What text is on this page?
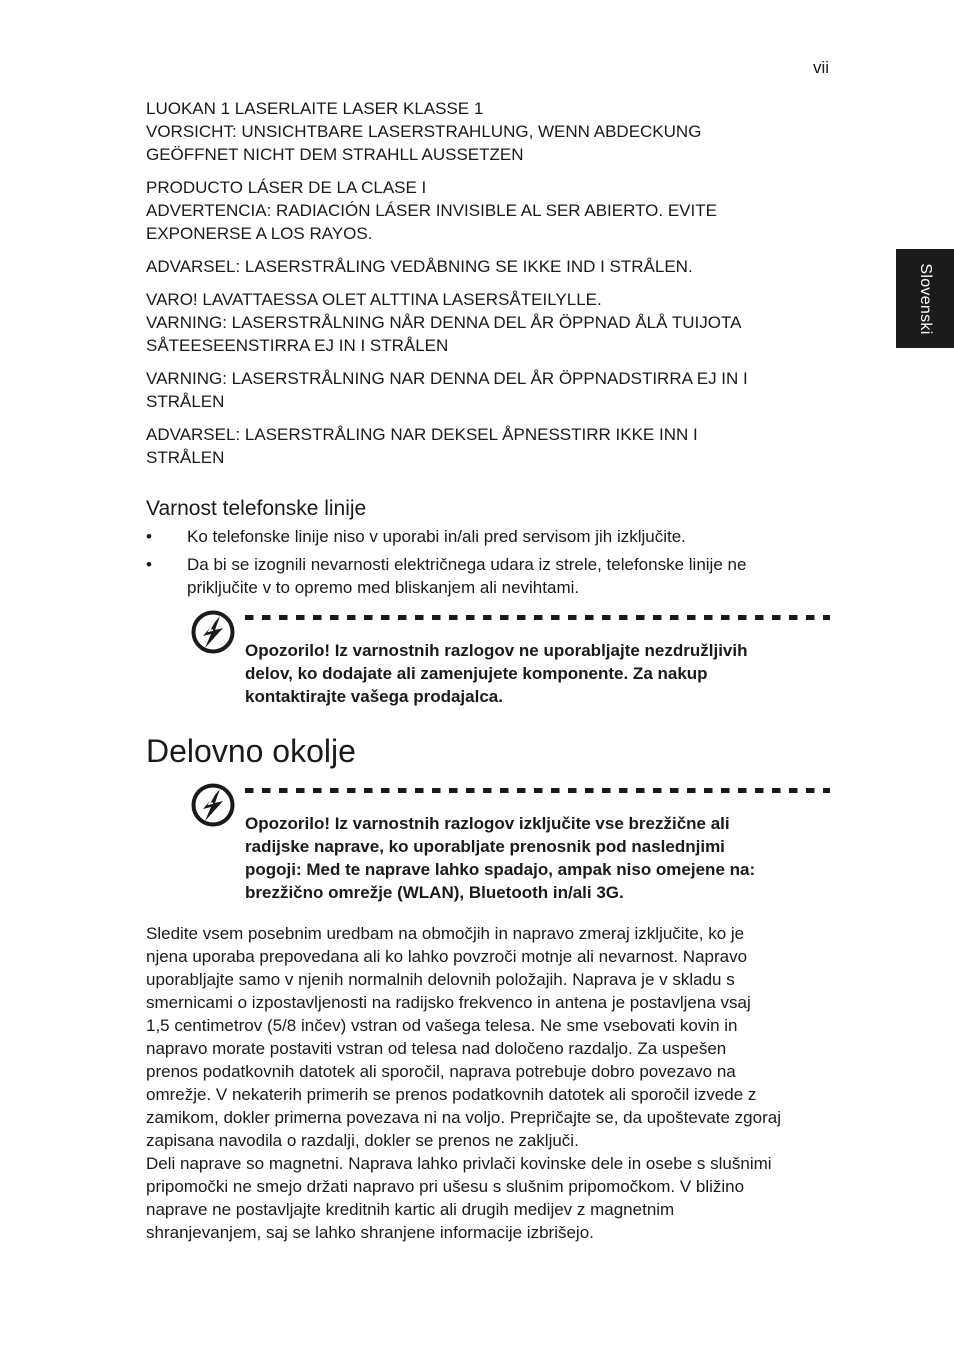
vii
Slovenski
LUOKAN 1 LASERLAITE LASER KLASSE 1
VORSICHT: UNSICHTBARE LASERSTRAHLUNG, WENN ABDECKUNG
GEÖFFNET NICHT DEM STRAHLL AUSSETZEN
PRODUCTO LÁSER DE LA CLASE I
ADVERTENCIA: RADIACIÓN LÁSER INVISIBLE AL SER ABIERTO. EVITE
EXPONERSE A LOS RAYOS.
ADVARSEL: LASERSTRÅLING VEDÅBNING SE IKKE IND I STRÅLEN.
VARO! LAVATTAESSA OLET ALTTINA LASERSÅTEILYLLE.
VARNING: LASERSTRÅLNING NÅR DENNA DEL ÅR ÖPPNAD ÅLÅ TUIJOTA
SÅTEESEENSTIRRA EJ IN I STRÅLEN
VARNING: LASERSTRÅLNING NAR DENNA DEL ÅR ÖPPNADSTIRRA EJ IN I
STRÅLEN
ADVARSEL: LASERSTRÅLING NAR DEKSEL ÅPNESSTIRR IKKE INN I
STRÅLEN
Varnost telefonske linije
• Ko telefonske linije niso v uporabi in/ali pred servisom jih izključite.
• Da bi se izognili nevarnosti električnega udara iz strele, telefonske linije ne
priključite v to opremo med bliskanjem ali nevihtami.
Opozorilo! Iz varnostnih razlogov ne uporabljajte nezdružljivih
delov, ko dodajate ali zamenjujete komponente. Za nakup
kontaktirajte vašega prodajalca.
Delovno okolje
Opozorilo! Iz varnostnih razlogov izključite vse brezžične ali
radijske naprave, ko uporabljate prenosnik pod naslednjimi
pogoji: Med te naprave lahko spadajo, ampak niso omejene na:
brezžično omrežje (WLAN), Bluetooth in/ali 3G.
Sledite vsem posebnim uredbam na območjih in napravo zmeraj izključite, ko je
njena uporaba prepovedana ali ko lahko povzroči motnje ali nevarnost. Napravo
uporabljajte samo v njenih normalnih delovnih položajih. Naprava je v skladu s
smernicami o izpostavljenosti na radijsko frekvenco in antena je postavljena vsaj
1,5 centimetrov (5/8 inčev) vstran od vašega telesa. Ne sme vsebovati kovin in
napravo morate postaviti vstran od telesa nad določeno razdaljo. Za uspešen
prenos podatkovnih datotek ali sporočil, naprava potrebuje dobro povezavo na
omrežje. V nekaterih primerih se prenos podatkovnih datotek ali sporočil izvede z
zamikom, dokler primerna povezava ni na voljo. Prepričajte se, da upoštevate zgoraj
zapisana navodila o razdalji, dokler se prenos ne zaključi.
Deli naprave so magnetni. Naprava lahko privlači kovinske dele in osebe s slušnimi
pripomočki ne smejo držati napravo pri ušesu s slušnim pripomočkom. V bližino
naprave ne postavljajte kreditnih kartic ali drugih medijev z magnetnim
shranjevanjem, saj se lahko shranjene informacije izbrišejo.
